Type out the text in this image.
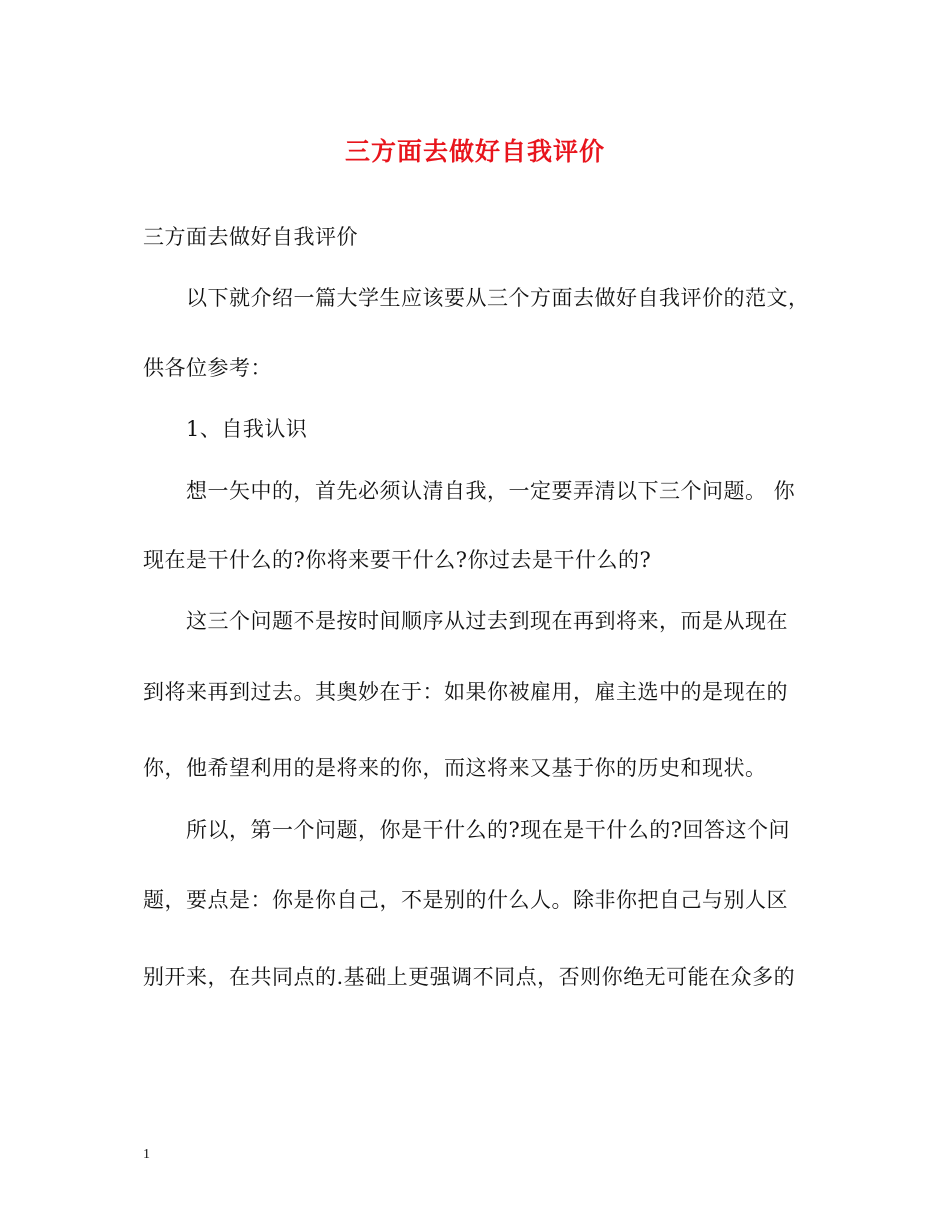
三方面去做好自我评价
三方面去做好自我评价
以下就介绍一篇大学生应该要从三个方面去做好自我评价的范文，
供各位参考：
1、自我认识
想一矢中的，首先必须认清自我，一定要弄清以下三个问题。 你
现在是干什么的?你将来要干什么?你过去是干什么的?
这三个问题不是按时间顺序从过去到现在再到将来，而是从现在
到将来再到过去。其奥妙在于：如果你被雇用，雇主选中的是现在的
你，他希望利用的是将来的你，而这将来又基于你的历史和现状。
所以，第一个问题，你是干什么的?现在是干什么的?回答这个问
题，要点是：你是你自己，不是别的什么人。除非你把自己与别人区
别开来，在共同点的.基础上更强调不同点，否则你绝无可能在众多的
1
